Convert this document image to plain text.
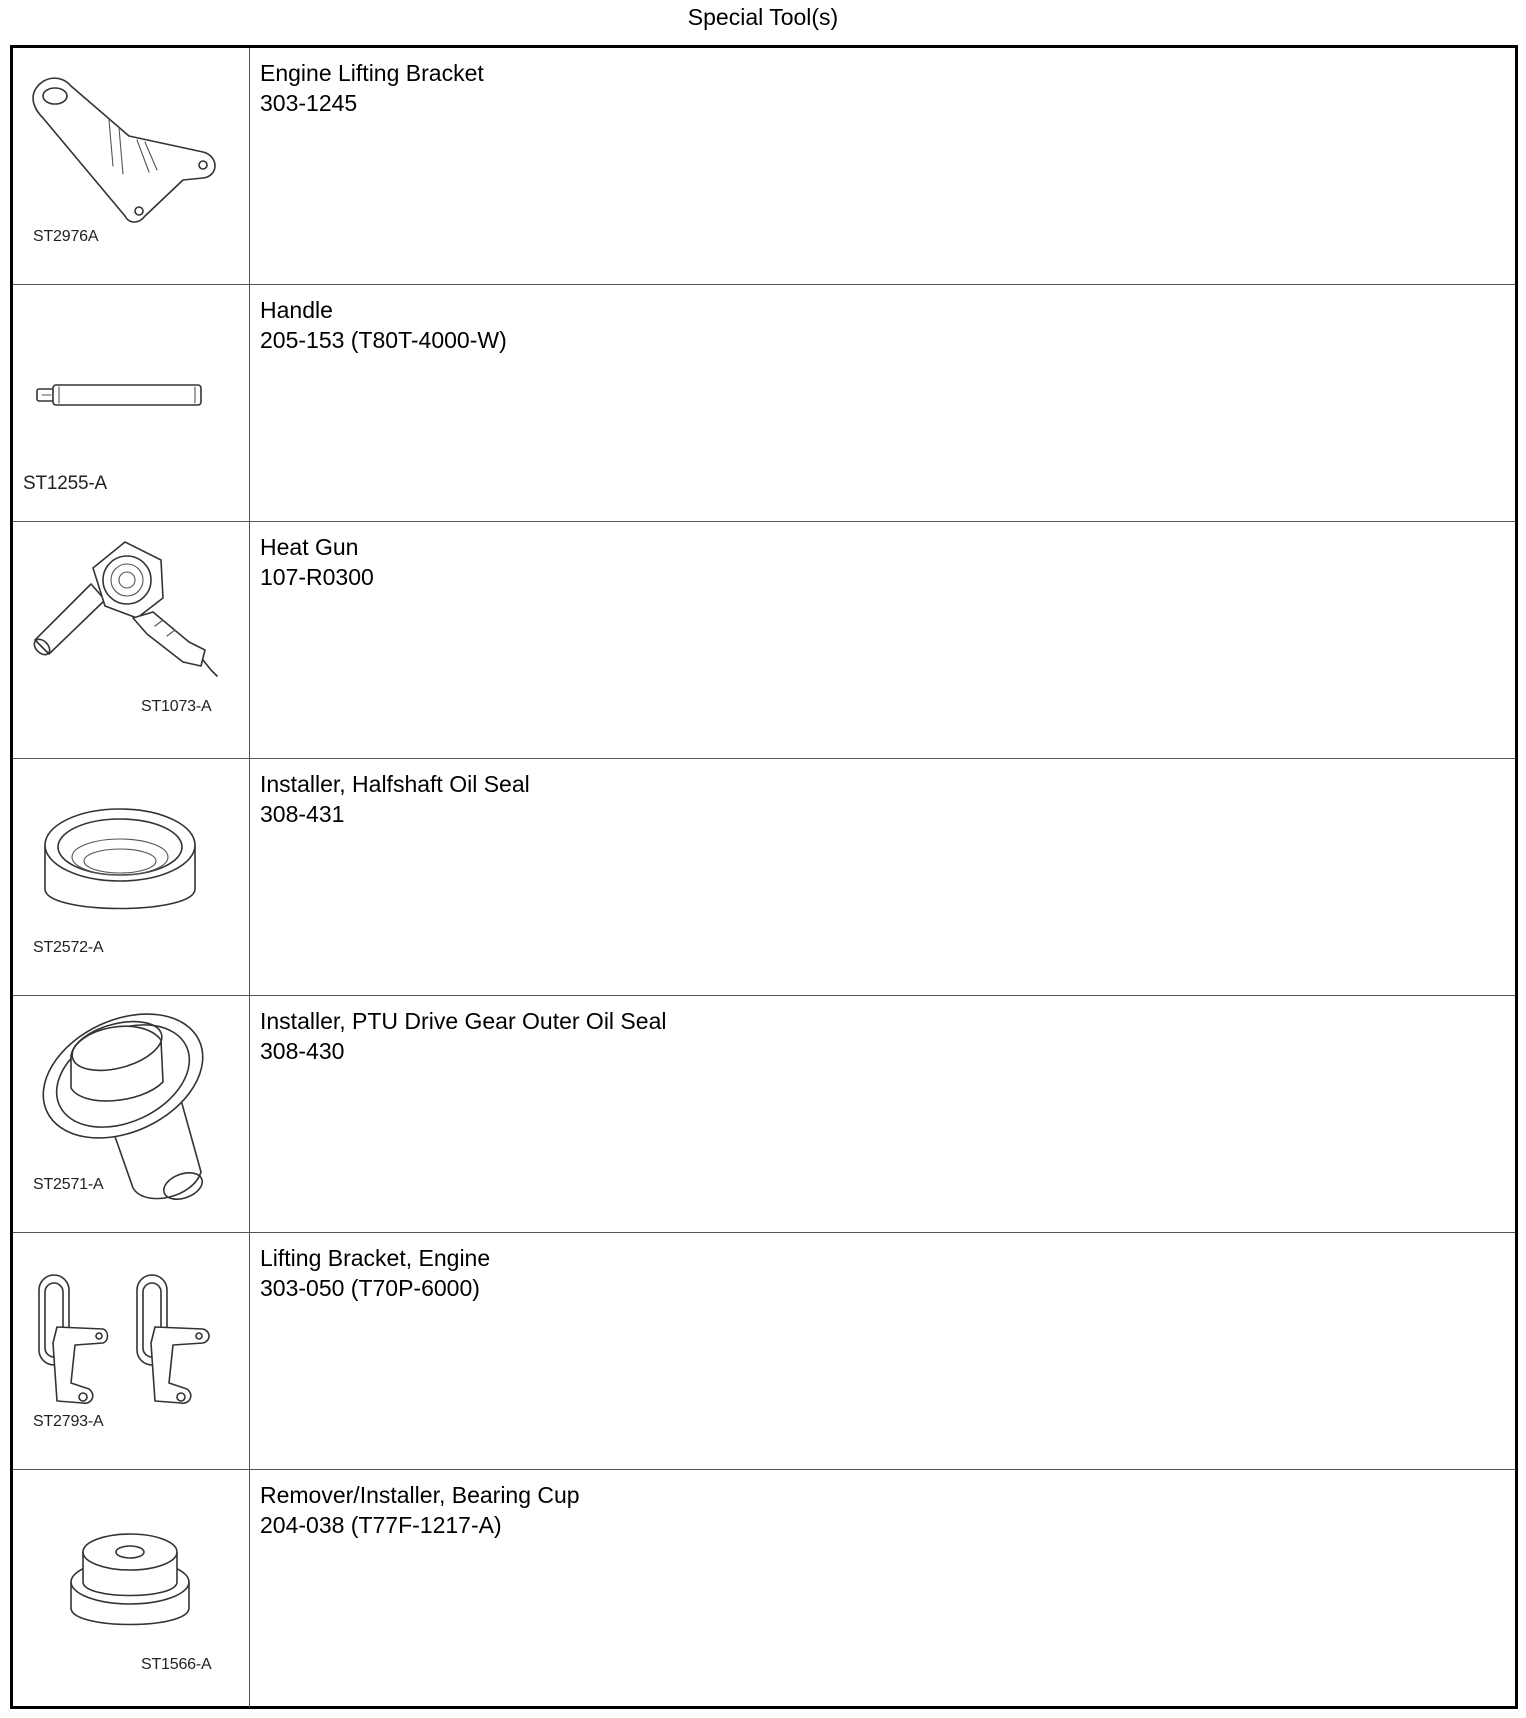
Special Tool(s)
ST2976A
Engine Lifting Bracket
303-1245
ST1255-A
Handle
205-153 (T80T-4000-W)
ST1073-A
Heat Gun
107-R0300
ST2572-A
Installer, Halfshaft Oil Seal
308-431
ST2571-A
Installer, PTU Drive Gear Outer Oil Seal
308-430
ST2793-A
Lifting Bracket, Engine
303-050 (T70P-6000)
ST1566-A
Remover/Installer, Bearing Cup
204-038 (T77F-1217-A)
